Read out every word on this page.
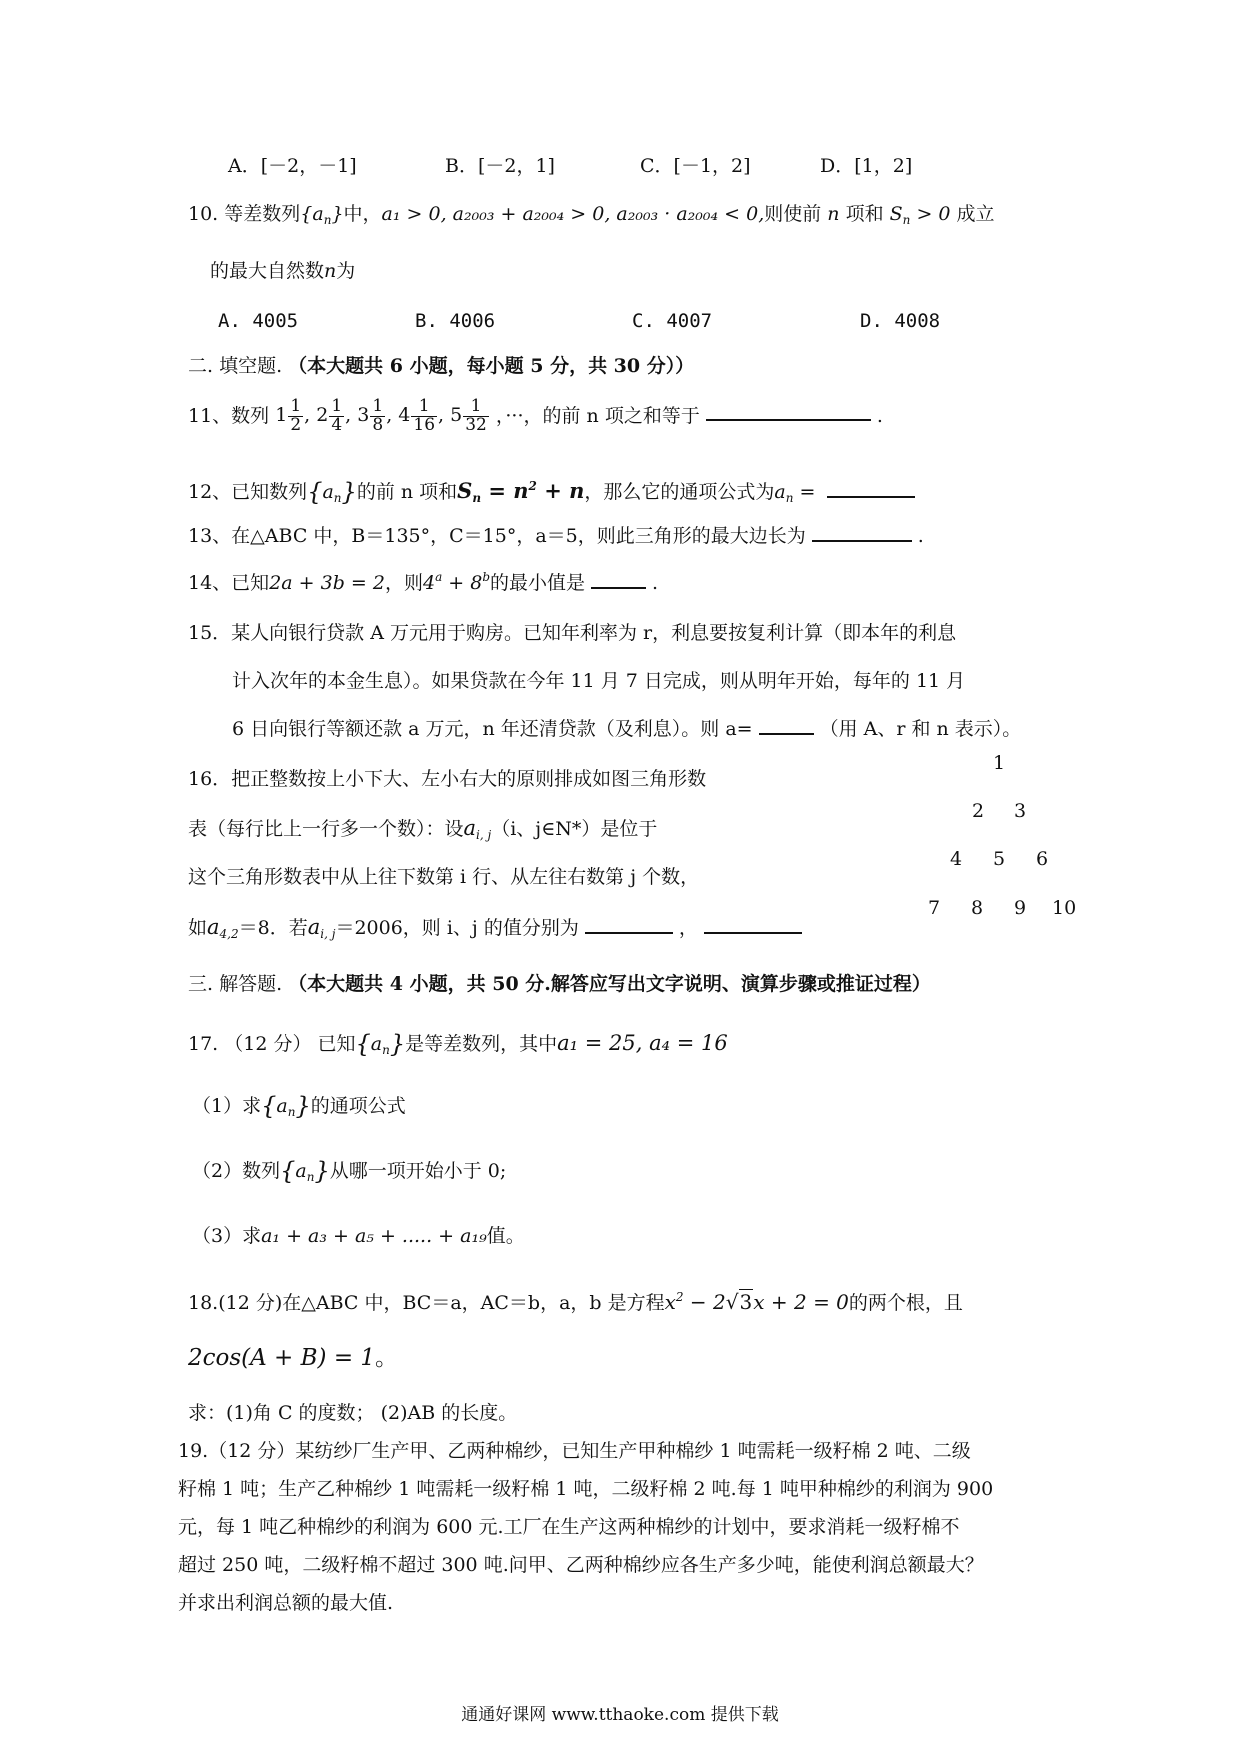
A．[－2，－1]	B．[－2，1]	C．[－1，2]	D．[1，2]
10. 等差数列$\{a_n\}$中，a₁ > 0, a₂₀₀₃ + a₂₀₀₄ > 0, a₂₀₀₃ · a₂₀₀₄ < 0,则使前 n 项和 $S_n > 0$ 成立
的最大自然数n为
A. 4005	B. 4006	C. 4007	D. 4008
二. 填空题. （本大题共 6 小题，每小题 5 分，共 30 分））
11、数列 $1 \frac{1}{2}$ , $2 \frac{1}{4}$ , $3 \frac{1}{8}$ , $4 \frac{1}{16}$ , $5 \frac{1}{32}$ ，···，的前 n 项之和等于	.
12、已知数列$\{a_n\}$的前 n 项和$S_n = n^2 + n$，那么它的通项公式为$a_n$ =
13、在△ABC 中，B＝135°，C＝15°，a＝5，则此三角形的最大边长为	.
14、已知2a + 3b = 2，则$4^a + 8^b$的最小值是	.
15．某人向银行贷款 A 万元用于购房。已知年利率为 r，利息要按复利计算（即本年的利息
计入次年的本金生息）。如果贷款在今年 11 月 7 日完成，则从明年开始，每年的 11 月
6 日向银行等额还款 a 万元，n 年还清贷款（及利息）。则 a=	（用 A、r 和 n 表示）。
16．把正整数按上小下大、左小右大的原则排成如图三角形数
表（每行比上一行多一个数）：设$a_{i, j}(i$、j∈N*）是位于
这个三角形数表中从上往下数第 i 行、从左往右数第 j 个数，
如$a_{4,2}=8$．若$a_{i, j}=2006$，则 i、j 的值分别为	，
1
2 3
4 5 6
7 8 9 10
三. 解答题. （本大题共 4 小题，共 50 分.解答应写出文字说明、演算步骤或推证过程）
17. （12 分） 已知$\{a_n\}$是等差数列，其中a₁ = 25, a₄ = 16
（1）求$\{a_n\}$的通项公式
（2）数列$\{a_n\}$从哪一项开始小于 0;
（3）求a₁ + a₃ + a₅ + ..... + a₁₉值。
18.(12 分)在△ABC 中，BC＝a，AC＝b，a，b 是方程$x^2 - 2√3x + 2 = 0$的两个根，且
2cos(A + B) = 1。
求：(1)角 C 的度数； (2)AB 的长度。
19.（12 分）某纺纱厂生产甲、乙两种棉纱，已知生产甲种棉纱 1 吨需耗一级籽棉 2 吨、二级
籽棉 1 吨；生产乙种棉纱 1 吨需耗一级籽棉 1 吨，二级籽棉 2 吨.每 1 吨甲种棉纱的利润为 900
元，每 1 吨乙种棉纱的利润为 600 元.工厂在生产这两种棉纱的计划中，要求消耗一级籽棉不
超过 250 吨，二级籽棉不超过 300 吨.问甲、乙两种棉纱应各生产多少吨，能使利润总额最大？
并求出利润总额的最大值.
通通好课网 www.tthaoke.com 提供下载
